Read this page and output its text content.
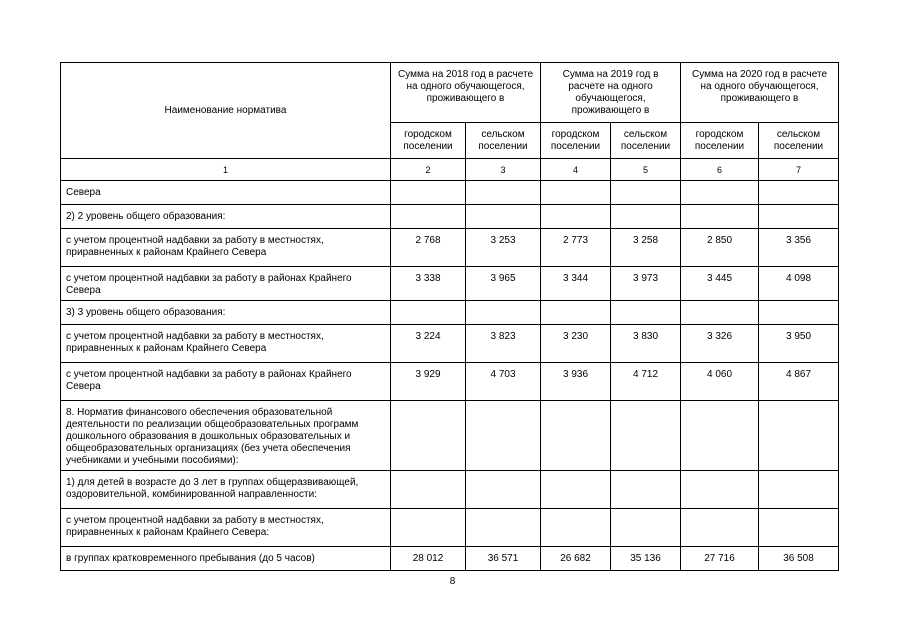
Наименование норматива	Сумма на 2018 год в расчете на одного обучающегося, проживающего в		Сумма на 2019 год в расчете на одного обучающегося, проживающего в		Сумма на 2020 год в расчете на одного обучающегося, проживающего в	
	городском поселении	сельском поселении	городском поселении	сельском поселении	городском поселении	сельском поселении
1	2	3	4	5	6	7
Севера						
2) 2 уровень общего образования:						
с учетом процентной надбавки за работу в местностях, приравненных к районам Крайнего Севера	2 768	3 253	2 773	3 258	2 850	3 356
с учетом процентной надбавки за работу в районах Крайнего Севера	3 338	3 965	3 344	3 973	3 445	4 098
3) 3 уровень общего образования:						
с учетом процентной надбавки за работу в местностях, приравненных к районам Крайнего Севера	3 224	3 823	3 230	3 830	3 326	3 950
с учетом процентной надбавки за работу в районах Крайнего Севера	3 929	4 703	3 936	4 712	4 060	4 867
8. Норматив финансового обеспечения образовательной деятельности по реализации общеобразовательных программ дошкольного образования в дошкольных образовательных и общеобразовательных организациях (без учета обеспечения учебниками и учебными пособиями):						
1) для детей в возрасте до 3 лет в группах общеразвивающей, оздоровительной, комбинированной направленности:						
с учетом процентной надбавки за работу в местностях, приравненных к районам Крайнего Севера:						
в группах кратковременного пребывания (до 5 часов)	28 012	36 571	26 682	35 136	27 716	36 508
8
